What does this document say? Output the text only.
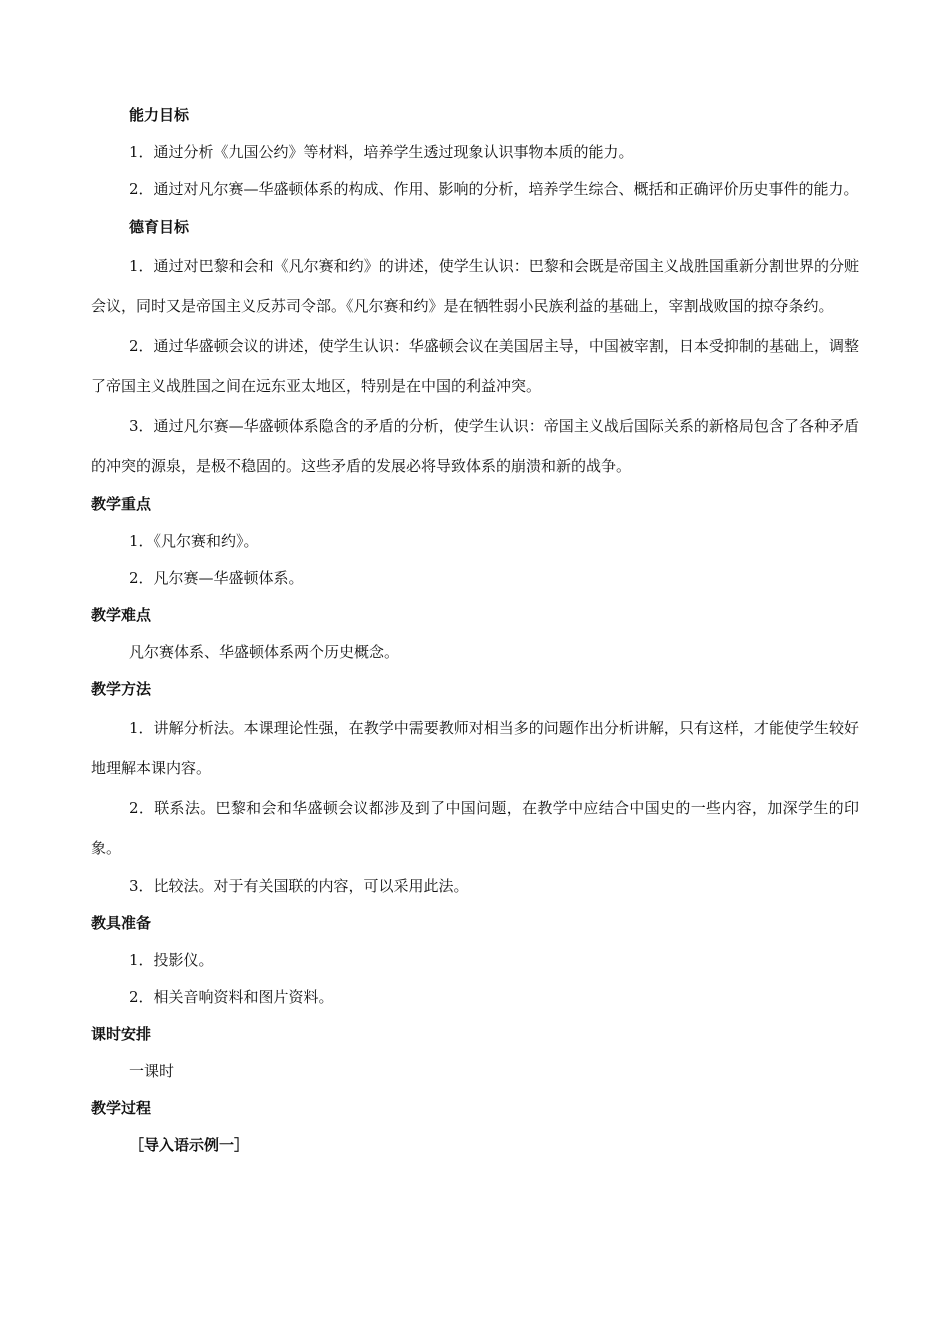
能力目标
1．通过分析《九国公约》等材料，培养学生透过现象认识事物本质的能力。
2．通过对凡尔赛—华盛顿体系的构成、作用、影响的分析，培养学生综合、概括和正确评价历史事件的能力。
德育目标
1．通过对巴黎和会和《凡尔赛和约》的讲述，使学生认识：巴黎和会既是帝国主义战胜国重新分割世界的分赃会议，同时又是帝国主义反苏司令部。《凡尔赛和约》是在牺牲弱小民族利益的基础上，宰割战败国的掠夺条约。
2．通过华盛顿会议的讲述，使学生认识：华盛顿会议在美国居主导，中国被宰割，日本受抑制的基础上，调整了帝国主义战胜国之间在远东亚太地区，特别是在中国的利益冲突。
3．通过凡尔赛—华盛顿体系隐含的矛盾的分析，使学生认识：帝国主义战后国际关系的新格局包含了各种矛盾的冲突的源泉，是极不稳固的。这些矛盾的发展必将导致体系的崩溃和新的战争。
教学重点
1．《凡尔赛和约》。
2．凡尔赛—华盛顿体系。
教学难点
凡尔赛体系、华盛顿体系两个历史概念。
教学方法
1．讲解分析法。本课理论性强，在教学中需要教师对相当多的问题作出分析讲解，只有这样，才能使学生较好地理解本课内容。
2．联系法。巴黎和会和华盛顿会议都涉及到了中国问题，在教学中应结合中国史的一些内容，加深学生的印象。
3．比较法。对于有关国联的内容，可以采用此法。
教具准备
1．投影仪。
2．相关音响资料和图片资料。
课时安排
一课时
教学过程
［导入语示例一］
